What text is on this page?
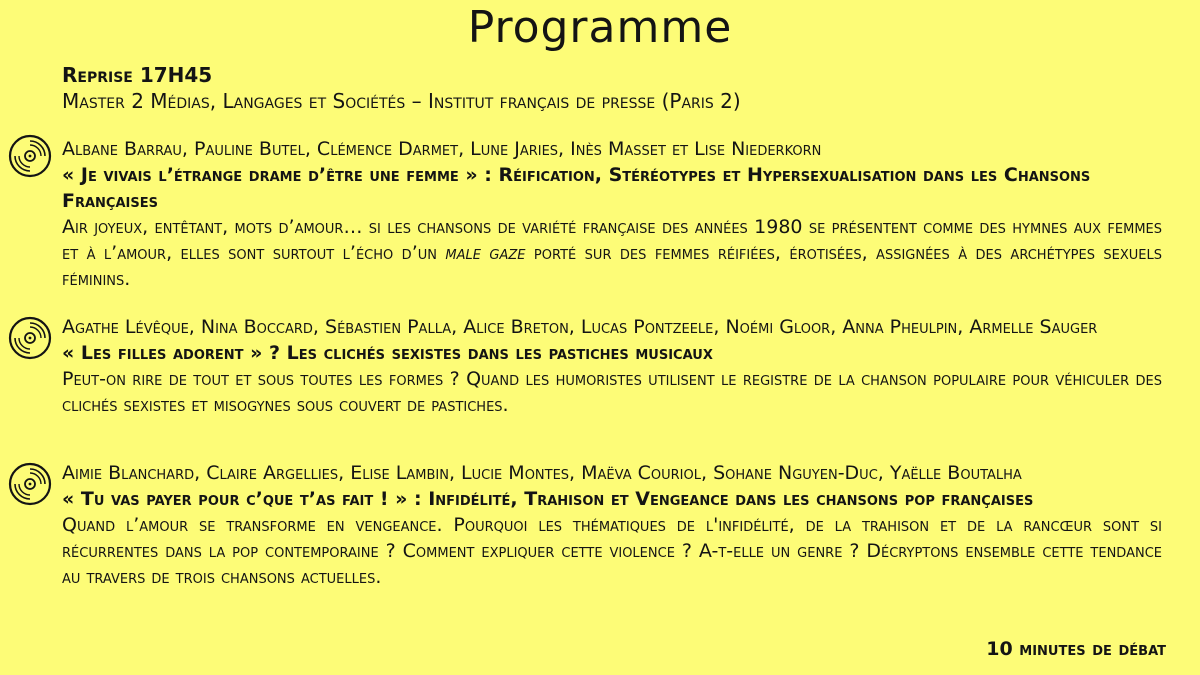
Programme
Reprise 17H45
Master 2 Médias, Langages et Sociétés – Institut français de presse (Paris 2)
Albane Barrau, Pauline Butel, Clémence Darmet, Lune Jaries, Inès Masset et Lise Niederkorn
« Je vivais l’étrange drame d’être une femme » : Réification, Stéréotypes et Hypersexualisation dans les Chansons Françaises
Air joyeux, entêtant, mots d’amour… si les chansons de variété française des années 1980 se présentent comme des hymnes aux femmes et à l’amour, elles sont surtout l’écho d’un male gaze porté sur des femmes réifiées, érotisées, assignées à des archétypes sexuels féminins.
Agathe Lévêque, Nina Boccard, Sébastien Palla, Alice Breton, Lucas Pontzeele, Noémi Gloor, Anna Pheulpin, Armelle Sauger
« Les filles adorent » ? Les clichés sexistes dans les pastiches musicaux
Peut-on rire de tout et sous toutes les formes ? Quand les humoristes utilisent le registre de la chanson populaire pour véhiculer des clichés sexistes et misogynes sous couvert de pastiches.
Aimie Blanchard, Claire Argellies, Elise Lambin, Lucie Montes, Maëva Couriol, Sohane Nguyen-Duc, Yaëlle Boutalha
« Tu vas payer pour c’que t’as fait ! » : Infidélité, Trahison et Vengeance dans les chansons pop françaises
Quand l’amour se transforme en vengeance. Pourquoi les thématiques de l'infidélité, de la trahison et de la rancœur sont si récurrentes dans la pop contemporaine ? Comment expliquer cette violence ? A-t-elle un genre ? Décryptons ensemble cette tendance au travers de trois chansons actuelles.
10 minutes de débat
